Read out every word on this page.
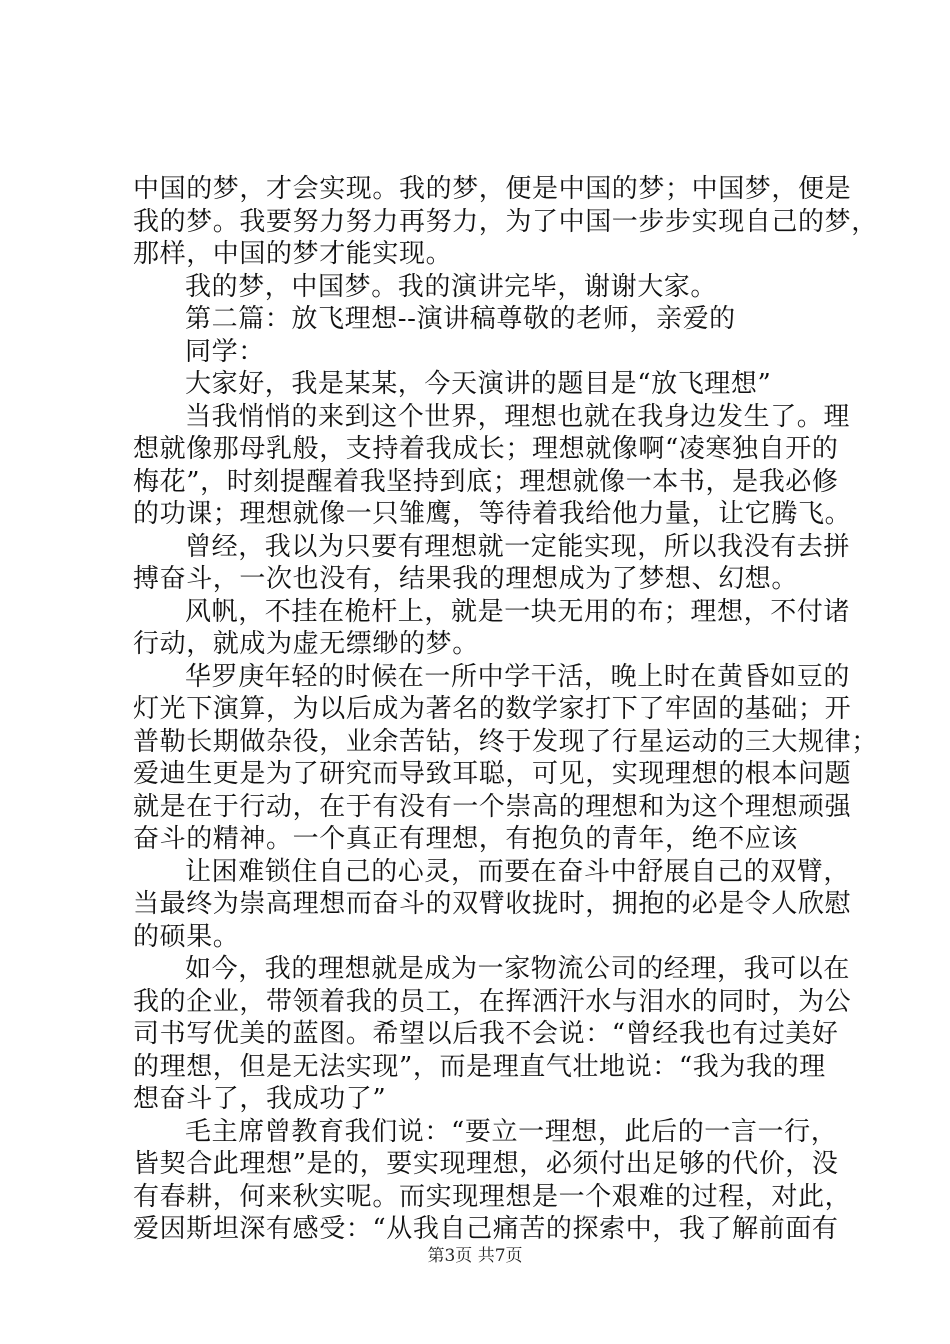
中国的梦，才会实现。我的梦，便是中国的梦；中国梦，便是
我的梦。我要努力努力再努力，为了中国一步步实现自己的梦，
那样，中国的梦才能实现。
我的梦，中国梦。我的演讲完毕，谢谢大家。
第二篇：放飞理想--演讲稿尊敬的老师，亲爱的
同学：
大家好，我是某某，今天演讲的题目是“放飞理想”
当我悄悄的来到这个世界，理想也就在我身边发生了。理
想就像那母乳般，支持着我成长；理想就像啊“凌寒独自开的
梅花”，时刻提醒着我坚持到底；理想就像一本书，是我必修
的功课；理想就像一只雏鹰，等待着我给他力量，让它腾飞。
曾经，我以为只要有理想就一定能实现，所以我没有去拼
搏奋斗，一次也没有，结果我的理想成为了梦想、幻想。
风帆，不挂在桅杆上，就是一块无用的布；理想，不付诸
行动，就成为虚无缥缈的梦。
华罗庚年轻的时候在一所中学干活，晚上时在黄昏如豆的
灯光下演算，为以后成为著名的数学家打下了牢固的基础；开
普勒长期做杂役，业余苦钻，终于发现了行星运动的三大规律；
爱迪生更是为了研究而导致耳聪，可见，实现理想的根本问题
就是在于行动，在于有没有一个崇高的理想和为这个理想顽强
奋斗的精神。一个真正有理想，有抱负的青年，绝不应该
让困难锁住自己的心灵，而要在奋斗中舒展自己的双臂，
当最终为崇高理想而奋斗的双臂收拢时，拥抱的必是令人欣慰
的硕果。
如今，我的理想就是成为一家物流公司的经理，我可以在
我的企业，带领着我的员工，在挥洒汗水与泪水的同时，为公
司书写优美的蓝图。希望以后我不会说：“曾经我也有过美好
的理想，但是无法实现”，而是理直气壮地说：“我为我的理
想奋斗了，我成功了”
毛主席曾教育我们说：“要立一理想，此后的一言一行，
皆契合此理想”是的，要实现理想，必须付出足够的代价，没
有春耕，何来秋实呢。而实现理想是一个艰难的过程，对此，
爱因斯坦深有感受：“从我自己痛苦的探索中，我了解前面有
第3页 共7页
